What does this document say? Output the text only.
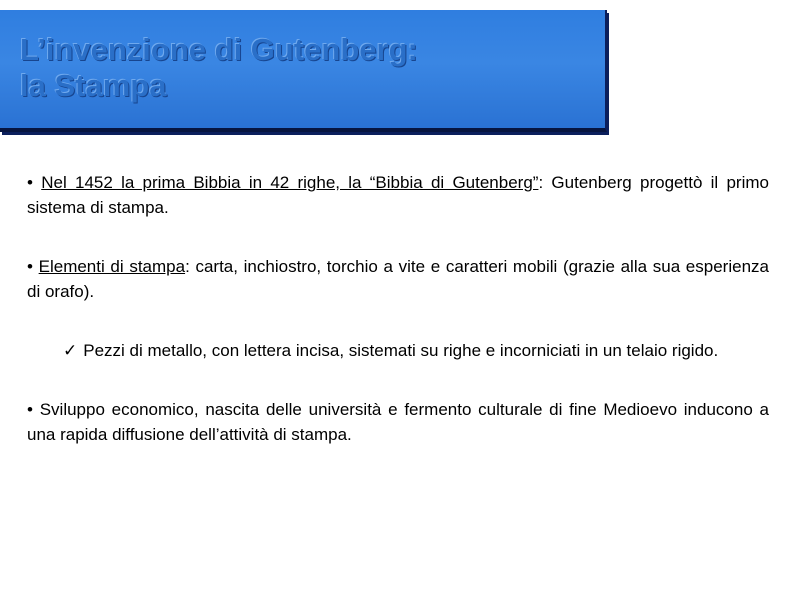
L’invenzione di Gutenberg:
la Stampa

• Nel 1452 la prima Bibbia in 42 righe, la “Bibbia di Gutenberg”: Gutenberg progettò il primo sistema di stampa.

• Elementi di stampa: carta, inchiostro, torchio a vite e caratteri mobili (grazie alla sua esperienza di orafo).

✓ Pezzi di metallo, con lettera incisa, sistemati su righe e incorniciati in un telaio rigido.

• Sviluppo economico, nascita delle università e fermento culturale di fine Medioevo inducono a una rapida diffusione dell’attività di stampa.
